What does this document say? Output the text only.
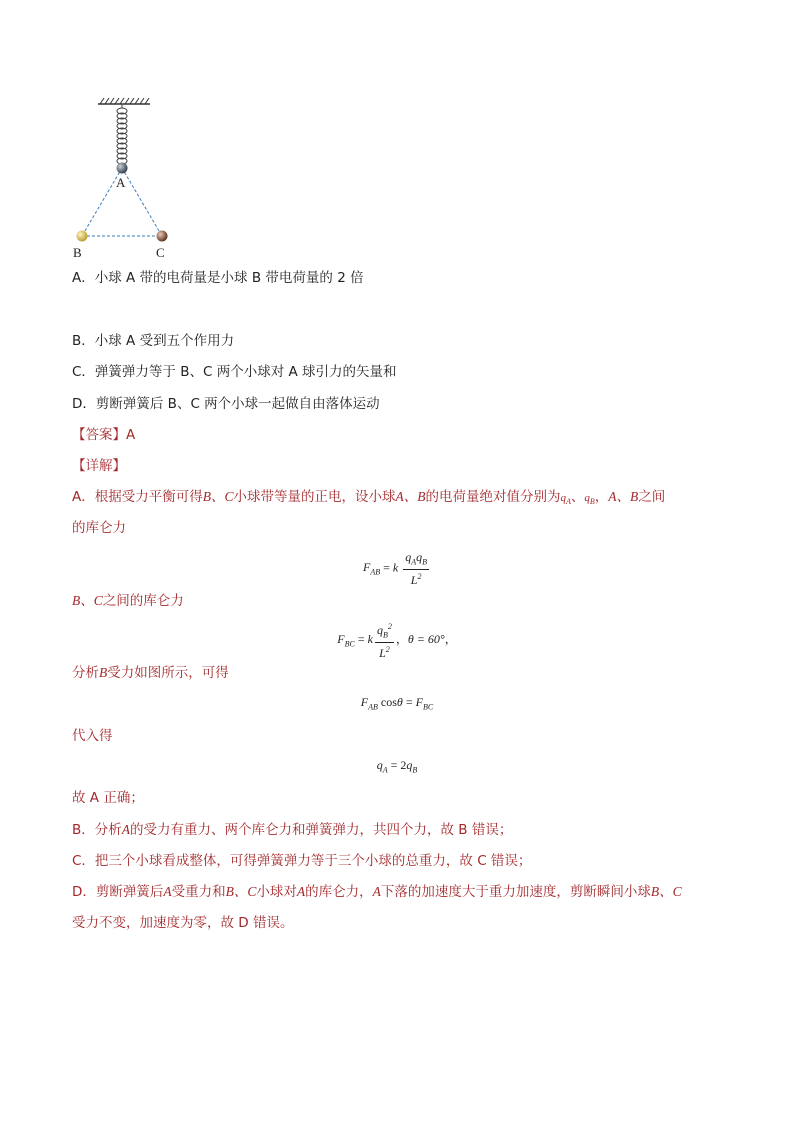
A
B	C
A．小球 A 带的电荷量是小球 B 带电荷量的 2 倍
B．小球 A 受到五个作用力
C．弹簧弹力等于 B、C 两个小球对 A 球引力的矢量和
D．剪断弹簧后 B、C 两个小球一起做自由落体运动
【答案】A
【详解】
A．根据受力平衡可得B、C小球带等量的正电，设小球A、B的电荷量绝对值分别为$q_A$、$q_B$，A、B之间
的库仑力
$F_{AB} = k \frac{q_Aq_B}{L^2}$
B、C之间的库仑力
$F_{BC} = k \frac{q_B^2}{L^2}$ ，θ = 60°，
分析B受力如图所示，可得
$F_{AB}$ $\cos\theta = F_{BC}$
代入得
$q_A = 2q_B$
故 A 正确；
B．分析A的受力有重力、两个库仑力和弹簧弹力，共四个力，故 B 错误；
C．把三个小球看成整体，可得弹簧弹力等于三个小球的总重力，故 C 错误；
D．剪断弹簧后A受重力和B、C小球对A的库仑力，A下落的加速度大于重力加速度，剪断瞬间小球B、C
受力不变，加速度为零，故 D 错误。
